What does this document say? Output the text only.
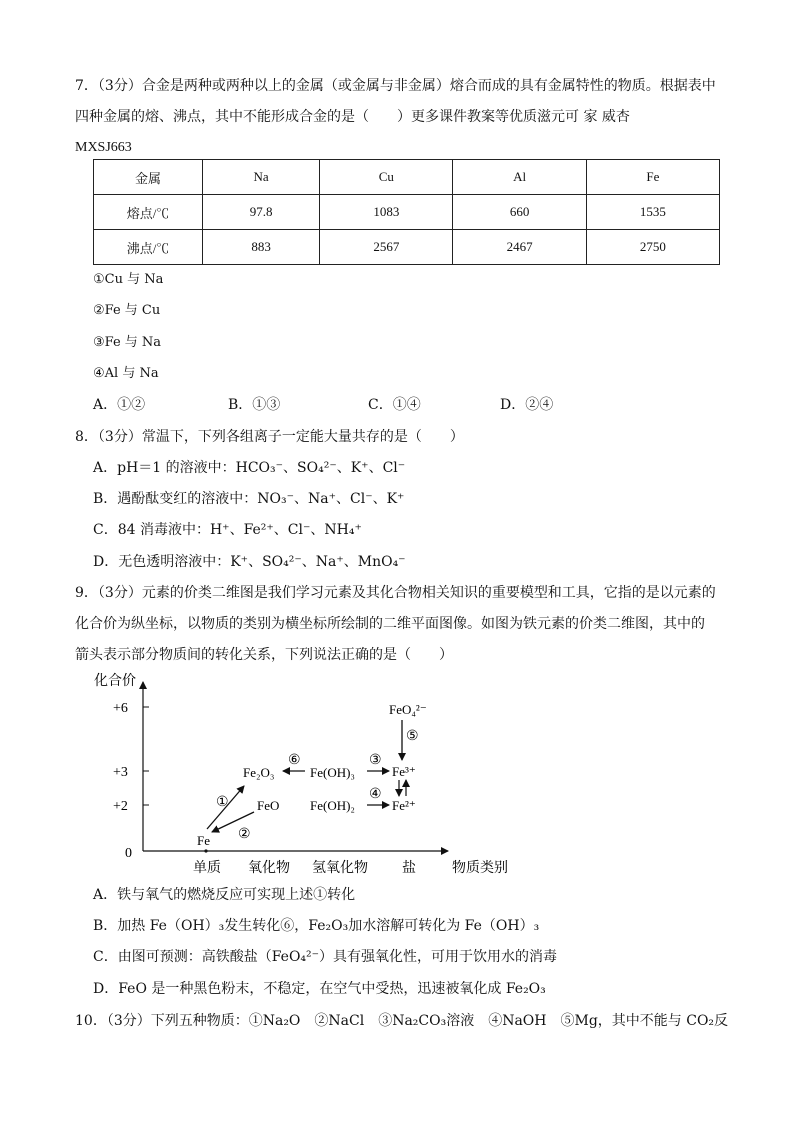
7．（3分）合金是两种或两种以上的金属（或金属与非金属）熔合而成的具有金属特性的物质。根据表中
四种金属的熔、沸点，其中不能形成合金的是（　　）更多课件教案等优质滋元可 家 威杏
MXSJ663
金属	Na	Cu	Al	Fe
熔点/℃	97.8	1083	660	1535
沸点/℃	883	2567	2467	2750
①Cu 与 Na
②Fe 与 Cu
③Fe 与 Na
④Al 与 Na
A．①②	B．①③	C．①④	D．②④
8．（3分）常温下，下列各组离子一定能大量共存的是（　　）
A．pH＝1 的溶液中：HCO₃⁻、SO₄²⁻、K⁺、Cl⁻
B．遇酚酞变红的溶液中：NO₃⁻、Na⁺、Cl⁻、K⁺
C．84 消毒液中：H⁺、Fe²⁺、Cl⁻、NH₄⁺
D．无色透明溶液中：K⁺、SO₄²⁻、Na⁺、MnO₄⁻
9．（3分）元素的价类二维图是我们学习元素及其化合物相关知识的重要模型和工具，它指的是以元素的
化合价为纵坐标，以物质的类别为横坐标所绘制的二维平面图像。如图为铁元素的价类二维图，其中的
箭头表示部分物质间的转化关系，下列说法正确的是（　　）
化合价
+6
+3
+2
0
单质 氧化物 氢氧化物 盐	物质类别
Fe
FeO
Fe₂O₃	Fe(OH)₃
Fe(OH)₂
Fe³⁺
Fe²⁺
FeO₄²⁻
①
②
③
④
⑤
⑥
A．铁与氧气的燃烧反应可实现上述①转化
B．加热 Fe（OH）₃发生转化⑥，Fe₂O₃加水溶解可转化为 Fe（OH）₃
C．由图可预测：高铁酸盐（FeO₄²⁻）具有强氧化性，可用于饮用水的消毒
D．FeO 是一种黑色粉末，不稳定，在空气中受热，迅速被氧化成 Fe₂O₃
10．（3分）下列五种物质：①Na₂O　②NaCl　③Na₂CO₃溶液　④NaOH　⑤Mg，其中不能与 CO₂反
